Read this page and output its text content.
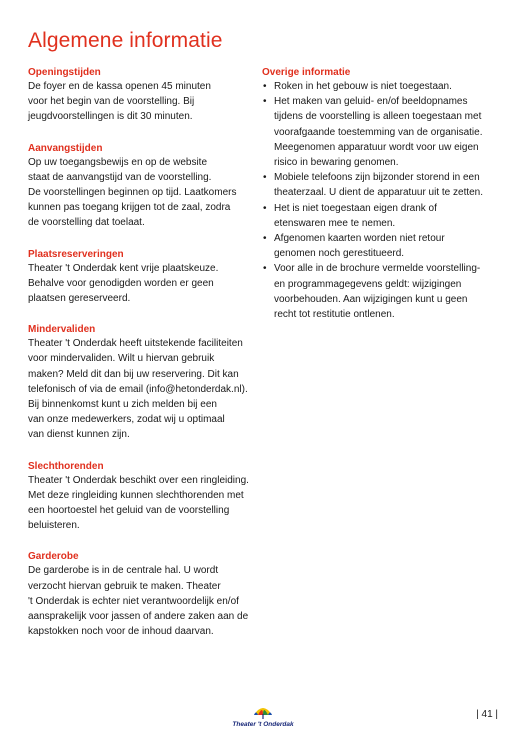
Algemene informatie

Openingstijden

De foyer en de kassa openen 45 minuten
voor het begin van de voorstelling. Bij
jeugdvoorstellingen is dit 30 minuten.

Aanvangstijden

Op uw toegangsbewijs en op de website
staat de aanvangstijd van de voorstelling.
De voorstellingen beginnen op tijd. Laatkomers
kunnen pas toegang krijgen tot de zaal, zodra
de voorstelling dat toelaat.

Plaatsreserveringen

Theater 't Onderdak kent vrije plaatskeuze.
Behalve voor genodigden worden er geen
plaatsen gereserveerd.

Mindervaliden

Theater 't Onderdak heeft uitstekende faciliteiten
voor mindervaliden. Wilt u hiervan gebruik
maken? Meld dit dan bij uw reservering. Dit kan
telefonisch of via de email (info@hetonderdak.nl).
Bij binnenkomst kunt u zich melden bij een
van onze medewerkers, zodat wij u optimaal
van dienst kunnen zijn.

Slechthorenden

Theater 't Onderdak beschikt over een ringleiding.
Met deze ringleiding kunnen slechthorenden met
een hoortoestel het geluid van de voorstelling
beluisteren.

Garderobe

De garderobe is in de centrale hal. U wordt
verzocht hiervan gebruik te maken. Theater
't Onderdak is echter niet verantwoordelijk en/of
aansprakelijk voor jassen of andere zaken aan de
kapstokken noch voor de inhoud daarvan.

Overige informatie

• Roken in het gebouw is niet toegestaan.
• Het maken van geluid- en/of beeldopnames
tijdens de voorstelling is alleen toegestaan met
voorafgaande toestemming van de organisatie.
Meegenomen apparatuur wordt voor uw eigen
risico in bewaring genomen.
• Mobiele telefoons zijn bijzonder storend in een
theaterzaal. U dient de apparatuur uit te zetten.
• Het is niet toegestaan eigen drank of
etenswaren mee te nemen.
• Afgenomen kaarten worden niet retour
genomen noch gerestitueerd.
• Voor alle in de brochure vermelde voorstelling-
en programmagegevens geldt: wijzigingen
voorbehouden. Aan wijzigingen kunt u geen
recht tot restitutie ontlenen.
Theater 't Onderdak
| 41 |
